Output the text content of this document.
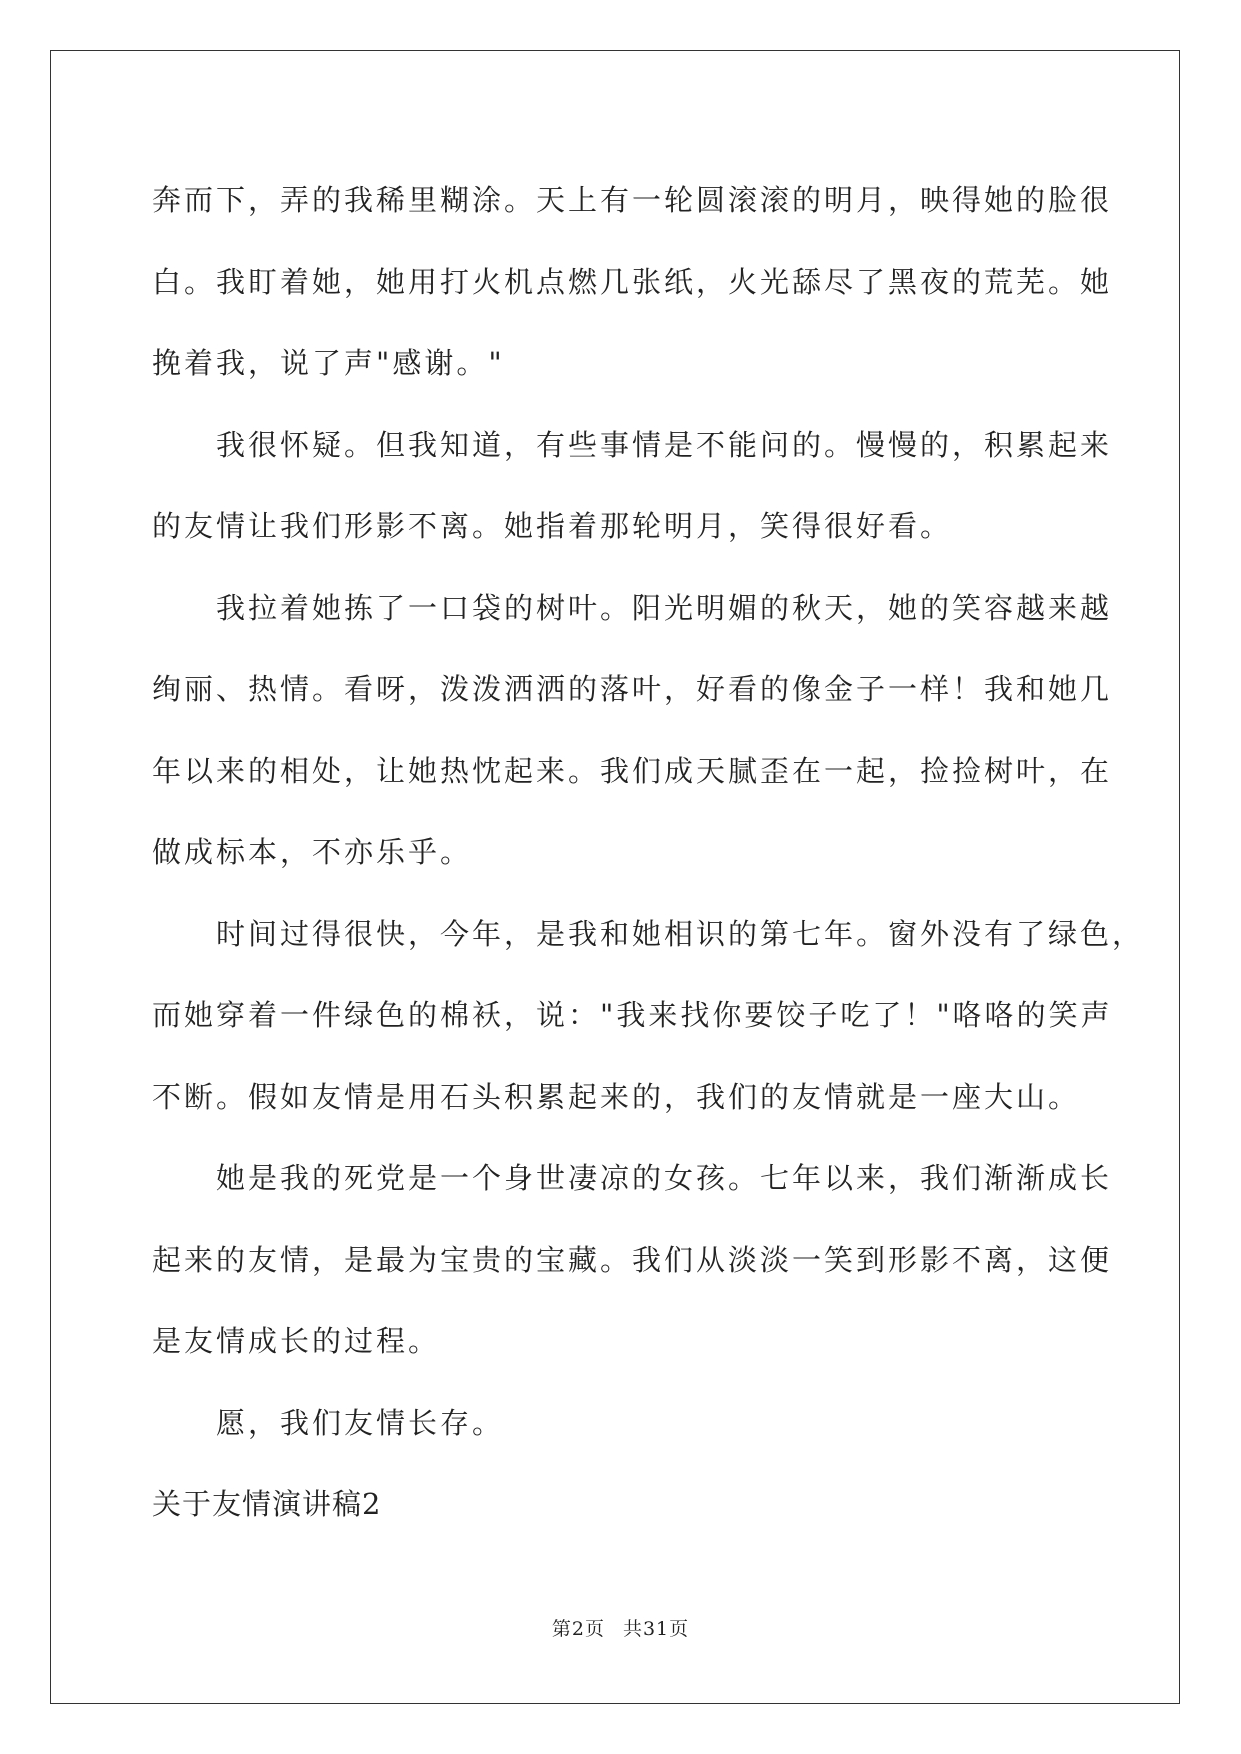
奔而下，弄的我稀里糊涂。天上有一轮圆滚滚的明月，映得她的脸很
白。我盯着她，她用打火机点燃几张纸，火光舔尽了黑夜的荒芜。她
挽着我，说了声"感谢。"
我很怀疑。但我知道，有些事情是不能问的。慢慢的，积累起来
的友情让我们形影不离。她指着那轮明月，笑得很好看。
我拉着她拣了一口袋的树叶。阳光明媚的秋天，她的笑容越来越
绚丽、热情。看呀，泼泼洒洒的落叶，好看的像金子一样！我和她几
年以来的相处，让她热忱起来。我们成天腻歪在一起，捡捡树叶，在
做成标本，不亦乐乎。
时间过得很快，今年，是我和她相识的第七年。窗外没有了绿色，
而她穿着一件绿色的棉袄，说："我来找你要饺子吃了！"咯咯的笑声
不断。假如友情是用石头积累起来的，我们的友情就是一座大山。
她是我的死党是一个身世凄凉的女孩。七年以来，我们渐渐成长
起来的友情，是最为宝贵的宝藏。我们从淡淡一笑到形影不离，这便
是友情成长的过程。
愿，我们友情长存。
关于友情演讲稿2
第2页 共31页
